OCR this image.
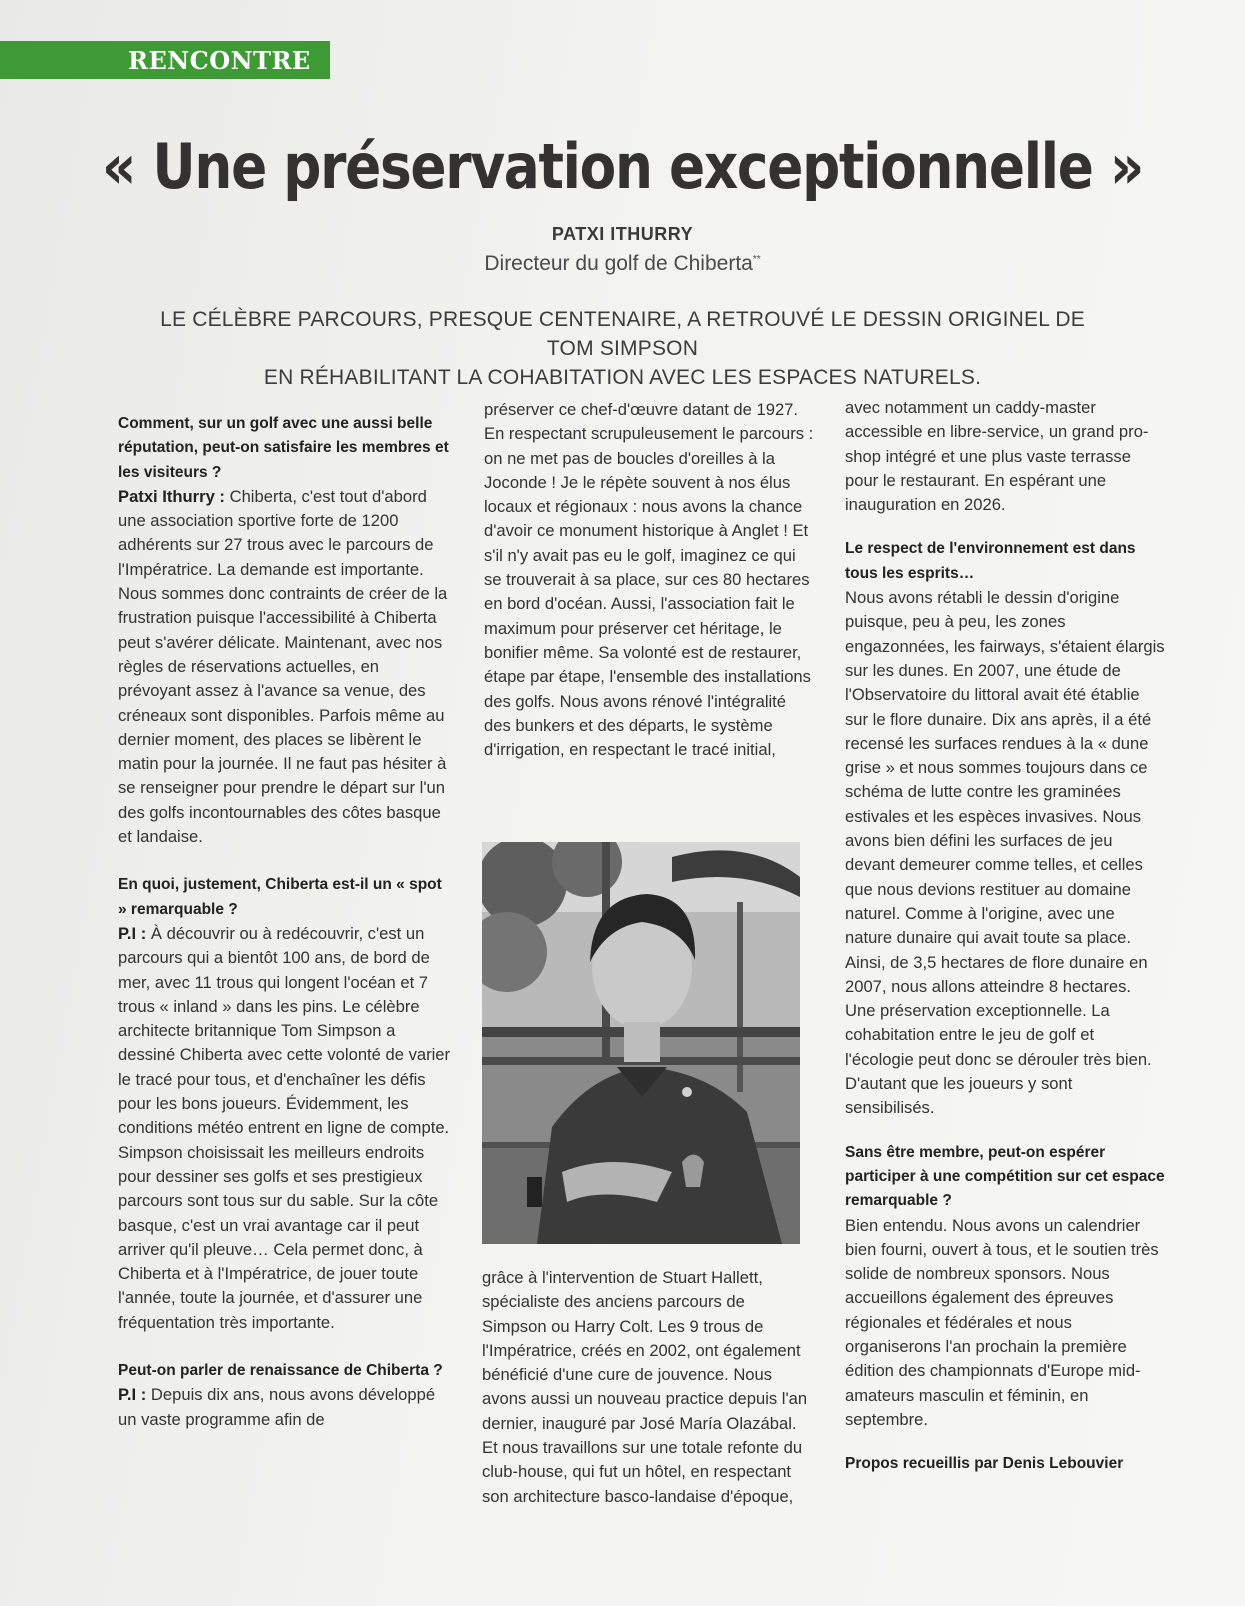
RENCONTRE
« Une préservation exceptionnelle »
PATXI ITHURRY
Directeur du golf de Chiberta**
LE CÉLÈBRE PARCOURS, PRESQUE CENTENAIRE, A RETROUVÉ LE DESSIN ORIGINEL DE TOM SIMPSON
EN RÉHABILITANT LA COHABITATION AVEC LES ESPACES NATURELS.

Comment, sur un golf avec une aussi belle réputation, peut-on satisfaire les membres et les visiteurs ?

Patxi Ithurry : Chiberta, c'est tout d'abord une association sportive forte de 1200 adhérents sur 27 trous avec le parcours de l'Impératrice. La demande est importante. Nous sommes donc contraints de créer de la frustration puisque l'accessibilité à Chiberta peut s'avérer délicate. Maintenant, avec nos règles de réservations actuelles, en prévoyant assez à l'avance sa venue, des créneaux sont disponibles. Parfois même au dernier moment, des places se libèrent le matin pour la journée. Il ne faut pas hésiter à se renseigner pour prendre le départ sur l'un des golfs incontournables des côtes basque et landaise.

En quoi, justement, Chiberta est-il un « spot » remarquable ?

P.I : À découvrir ou à redécouvrir, c'est un parcours qui a bientôt 100 ans, de bord de mer, avec 11 trous qui longent l'océan et 7 trous « inland » dans les pins. Le célèbre architecte britannique Tom Simpson a dessiné Chiberta avec cette volonté de varier le tracé pour tous, et d'enchaîner les défis pour les bons joueurs. Évidemment, les conditions météo entrent en ligne de compte. Simpson choisissait les meilleurs endroits pour dessiner ses golfs et ses prestigieux parcours sont tous sur du sable. Sur la côte basque, c'est un vrai avantage car il peut arriver qu'il pleuve… Cela permet donc, à Chiberta et à l'Impératrice, de jouer toute l'année, toute la journée, et d'assurer une fréquentation très importante.

Peut-on parler de renaissance de Chiberta ?

P.I : Depuis dix ans, nous avons développé un vaste programme afin de

préserver ce chef-d'œuvre datant de 1927. En respectant scrupuleusement le parcours : on ne met pas de boucles d'oreilles à la Joconde ! Je le répète souvent à nos élus locaux et régionaux : nous avons la chance d'avoir ce monument historique à Anglet ! Et s'il n'y avait pas eu le golf, imaginez ce qui se trouverait à sa place, sur ces 80 hectares en bord d'océan. Aussi, l'association fait le maximum pour préserver cet héritage, le bonifier même. Sa volonté est de restaurer, étape par étape, l'ensemble des installations des golfs. Nous avons rénové l'intégralité des bunkers et des départs, le système d'irrigation, en respectant le tracé initial,

grâce à l'intervention de Stuart Hallett, spécialiste des anciens parcours de Simpson ou Harry Colt. Les 9 trous de l'Impératrice, créés en 2002, ont également bénéficié d'une cure de jouvence. Nous avons aussi un nouveau practice depuis l'an dernier, inauguré par José María Olazábal. Et nous travaillons sur une totale refonte du club-house, qui fut un hôtel, en respectant son architecture basco-landaise d'époque,

avec notamment un caddy-master accessible en libre-service, un grand pro-shop intégré et une plus vaste terrasse pour le restaurant. En espérant une inauguration en 2026.

Le respect de l'environnement est dans tous les esprits…

Nous avons rétabli le dessin d'origine puisque, peu à peu, les zones engazonnées, les fairways, s'étaient élargis sur les dunes. En 2007, une étude de l'Observatoire du littoral avait été établie sur le flore dunaire. Dix ans après, il a été recensé les surfaces rendues à la « dune grise » et nous sommes toujours dans ce schéma de lutte contre les graminées estivales et les espèces invasives. Nous avons bien défini les surfaces de jeu devant demeurer comme telles, et celles que nous devions restituer au domaine naturel. Comme à l'origine, avec une nature dunaire qui avait toute sa place. Ainsi, de 3,5 hectares de flore dunaire en 2007, nous allons atteindre 8 hectares. Une préservation exceptionnelle. La cohabitation entre le jeu de golf et l'écologie peut donc se dérouler très bien. D'autant que les joueurs y sont sensibilisés.

Sans être membre, peut-on espérer participer à une compétition sur cet espace remarquable ?

Bien entendu. Nous avons un calendrier bien fourni, ouvert à tous, et le soutien très solide de nombreux sponsors. Nous accueillons également des épreuves régionales et fédérales et nous organiserons l'an prochain la première édition des championnats d'Europe mid-amateurs masculin et féminin, en septembre.

Propos recueillis par Denis Lebouvier
